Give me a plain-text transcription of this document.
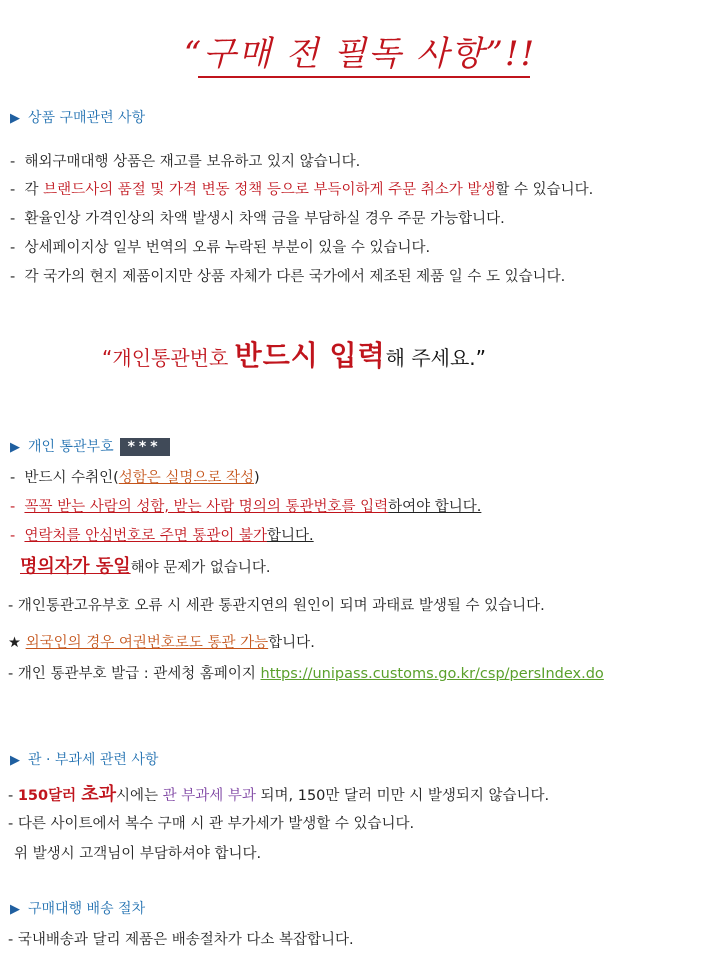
“구매 전 필독 사항”!!
▶ 상품 구매관련 사항
- 해외구매대행 상품은 재고를 보유하고 있지 않습니다.
- 각 브랜드사의 품절 및 가격 변동 정책 등으로 부득이하게 주문 취소가 발생할 수 있습니다.
- 환율인상 가격인상의 차액 발생시 차액 금을 부담하실 경우 주문 가능합니다.
- 상세페이지상 일부 번역의 오류 누락된 부분이 있을 수 있습니다.
- 각 국가의 현지 제품이지만 상품 자체가 다른 국가에서 제조된 제품 일 수 도 있습니다.
“개인통관번호 반드시 입력해 주세요.”
▶ 개인 통관부호 ***
- 반드시 수취인(성함은 실명으로 작성)
- 꼭꼭 받는 사람의 성함, 받는 사람 명의의 통관번호를 입력하여야 합니다.
- 연락처를 안심번호로 주면 통관이 불가합니다.
명의자가 동일해야 문제가 없습니다.
- 개인통관고유부호 오류 시 세관 통관지연의 원인이 되며 과태료 발생될 수 있습니다.
★ 외국인의 경우 여권번호로도 통관 가능합니다.
- 개인 통관부호 발급 : 관세청 홈페이지 https://unipass.customs.go.kr/csp/persIndex.do
▶ 관 · 부과세 관련 사항
- 150달러 초과시에는 관 부과세 부과 되며, 150만 달러 미만 시 발생되지 않습니다.
- 다른 사이트에서 복수 구매 시 관 부가세가 발생할 수 있습니다.
위 발생시 고객님이 부담하셔야 합니다.
▶ 구매대행 배송 절차
- 국내배송과 달리 제품은 배송절차가 다소 복잡합니다.
